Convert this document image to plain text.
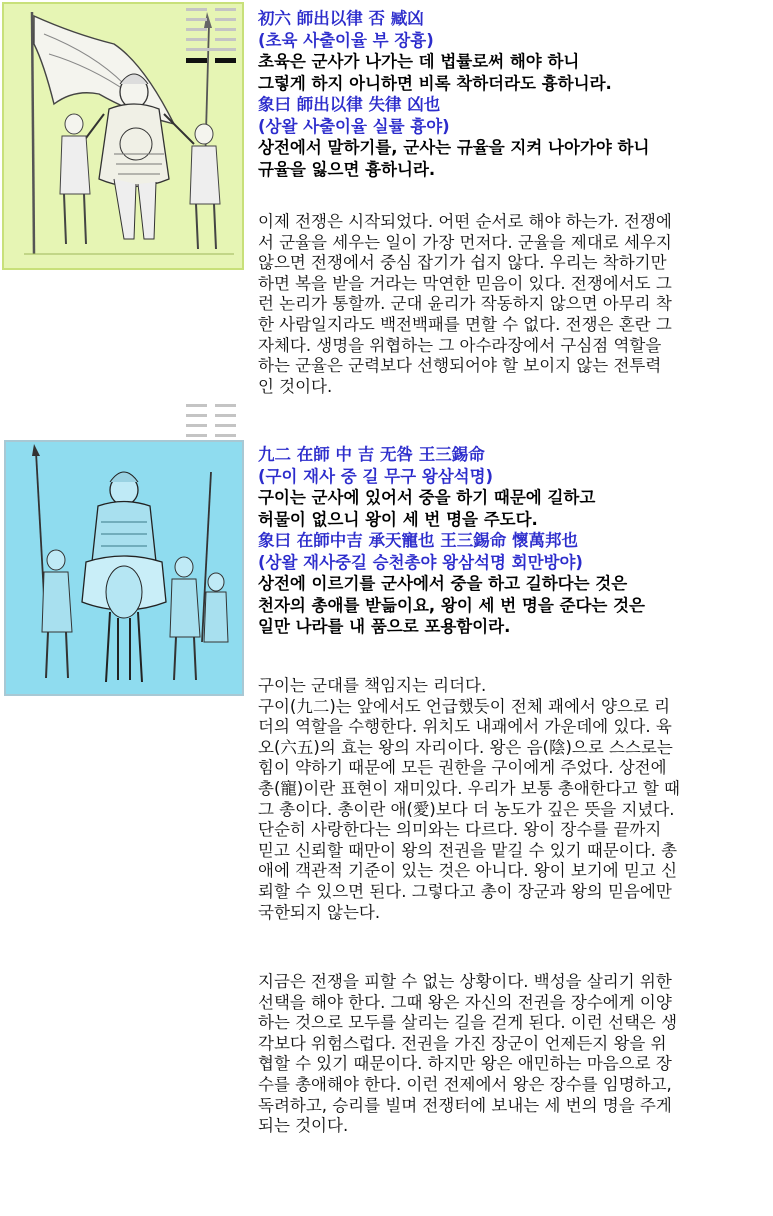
初六 師出以律 否 臧凶
(초육 사출이율 부 장흉)
초육은 군사가 나가는 데 법률로써 해야 하니
그렇게 하지 아니하면 비록 착하더라도 흉하니라.
象曰 師出以律 失律 凶也
(상왈 사출이율 실률 흉야)
상전에서 말하기를, 군사는 규율을 지켜 나아가야 하니
규율을 잃으면 흉하니라.
이제 전쟁은 시작되었다. 어떤 순서로 해야 하는가. 전쟁에
서 군율을 세우는 일이 가장 먼저다. 군율을 제대로 세우지
않으면 전쟁에서 중심 잡기가 쉽지 않다. 우리는 착하기만
하면 복을 받을 거라는 막연한 믿음이 있다. 전쟁에서도 그
런 논리가 통할까. 군대 윤리가 작동하지 않으면 아무리 착
한 사람일지라도 백전백패를 면할 수 없다. 전쟁은 혼란 그
자체다. 생명을 위협하는 그 아수라장에서 구심점 역할을
하는 군율은 군력보다 선행되어야 할 보이지 않는 전투력
인 것이다.
九二 在師 中 吉 无咎 王三錫命
(구이 재사 중 길 무구 왕삼석명)
구이는 군사에 있어서 중을 하기 때문에 길하고
허물이 없으니 왕이 세 번 명을 주도다.
象曰 在師中吉 承天寵也 王三錫命 懷萬邦也
(상왈 재사중길 승천총야 왕삼석명 회만방야)
상전에 이르기를 군사에서 중을 하고 길하다는 것은
천자의 총애를 받듦이요, 왕이 세 번 명을 준다는 것은
일만 나라를 내 품으로 포용함이라.
구이는 군대를 책임지는 리더다.
구이(九二)는 앞에서도 언급했듯이 전체 괘에서 양으로 리
더의 역할을 수행한다. 위치도 내괘에서 가운데에 있다. 육
오(六五)의 효는 왕의 자리이다. 왕은 음(陰)으로 스스로는
힘이 약하기 때문에 모든 권한을 구이에게 주었다. 상전에
총(寵)이란 표현이 재미있다. 우리가 보통 총애한다고 할 때
그 총이다. 총이란 애(愛)보다 더 농도가 깊은 뜻을 지녔다.
단순히 사랑한다는 의미와는 다르다. 왕이 장수를 끝까지
믿고 신뢰할 때만이 왕의 전권을 맡길 수 있기 때문이다. 총
애에 객관적 기준이 있는 것은 아니다. 왕이 보기에 믿고 신
뢰할 수 있으면 된다. 그렇다고 총이 장군과 왕의 믿음에만
국한되지 않는다.
지금은 전쟁을 피할 수 없는 상황이다. 백성을 살리기 위한
선택을 해야 한다. 그때 왕은 자신의 전권을 장수에게 이양
하는 것으로 모두를 살리는 길을 걷게 된다. 이런 선택은 생
각보다 위험스럽다. 전권을 가진 장군이 언제든지 왕을 위
협할 수 있기 때문이다. 하지만 왕은 애민하는 마음으로 장
수를 총애해야 한다. 이런 전제에서 왕은 장수를 임명하고,
독려하고, 승리를 빌며 전쟁터에 보내는 세 번의 명을 주게
되는 것이다.
